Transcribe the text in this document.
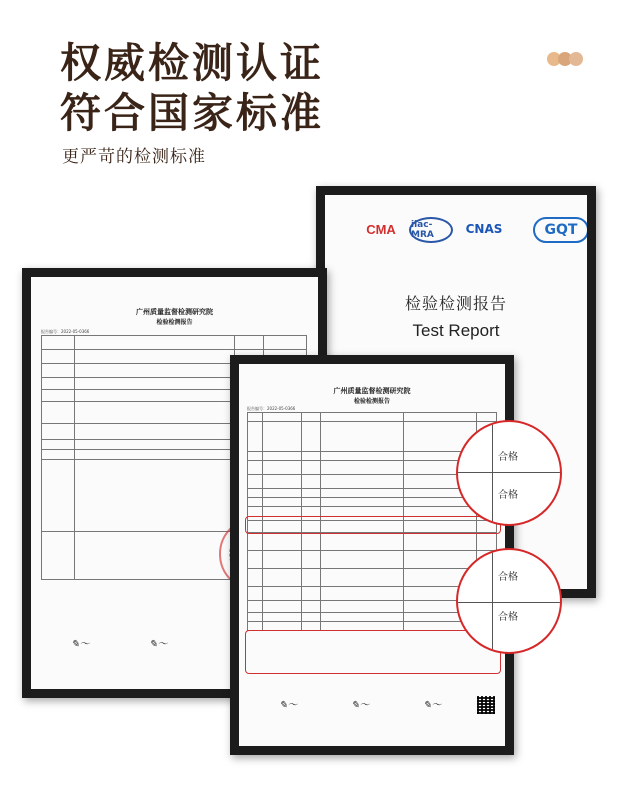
权威检测认证
符合国家标准
更严苛的检测标准
CMA	ilac-MRA	CNAS	GQT
检验检测报告
Test Report
广州质量监督检测研究院
检验检测报告
报告编号：2022-05-0366

✎〜	✎〜
广州质量监督检测研究院
检验检测报告
报告编号：2022-05-0366

✎〜	✎〜	✎〜
合格
合格
合格
合格
